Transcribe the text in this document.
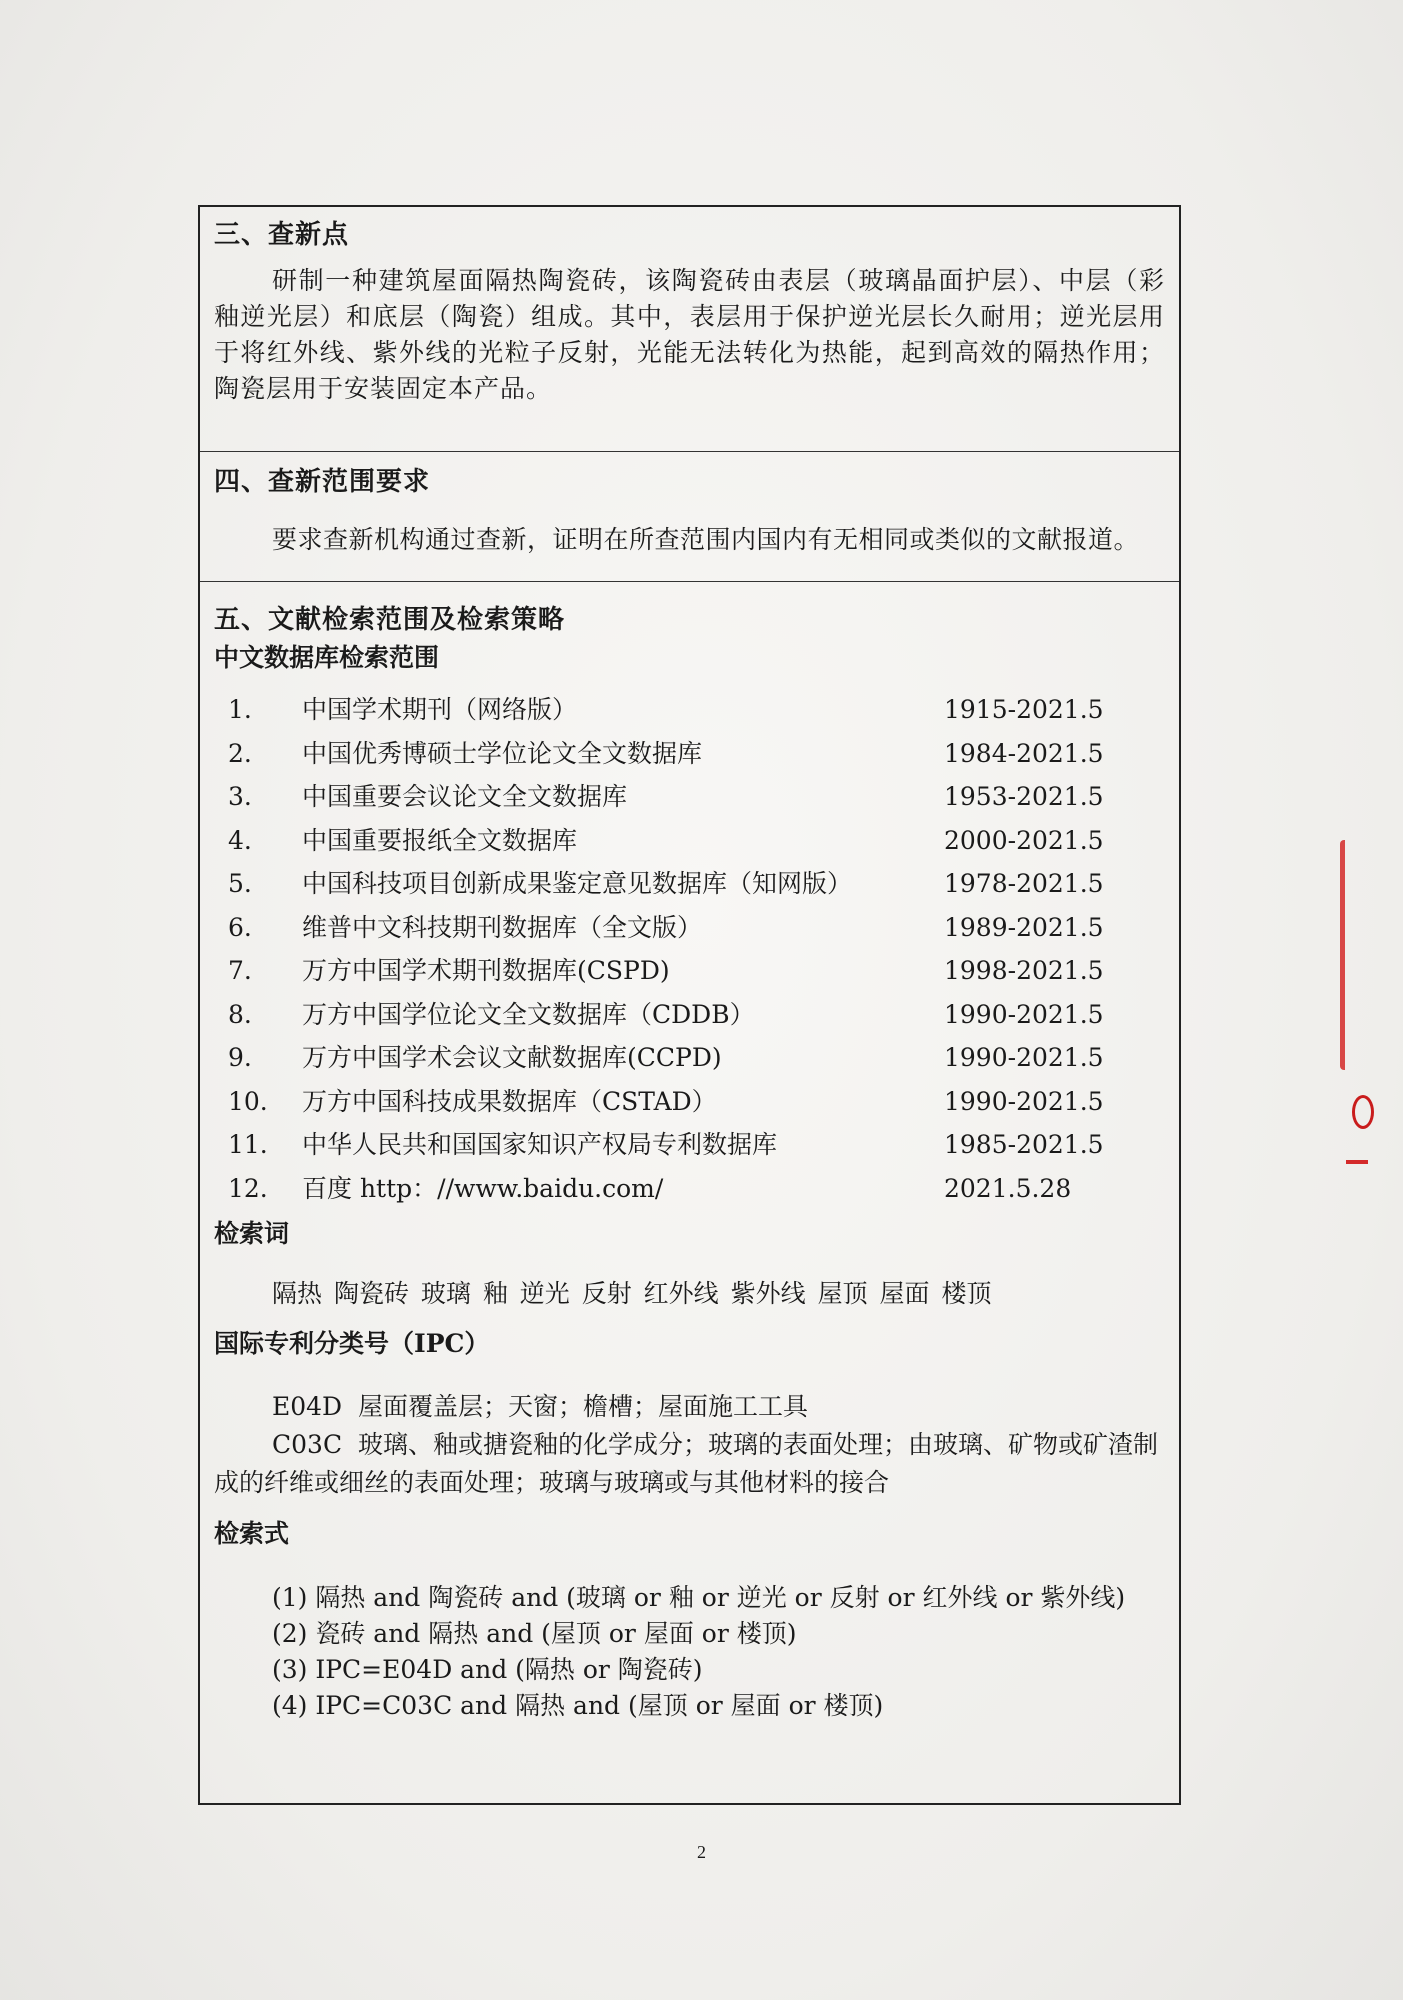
三、查新点
研制一种建筑屋面隔热陶瓷砖，该陶瓷砖由表层（玻璃晶面护层）、中层（彩釉逆光层）和底层（陶瓷）组成。其中，表层用于保护逆光层长久耐用；逆光层用于将红外线、紫外线的光粒子反射，光能无法转化为热能，起到高效的隔热作用；陶瓷层用于安装固定本产品。
四、查新范围要求
要求查新机构通过查新，证明在所查范围内国内有无相同或类似的文献报道。
五、文献检索范围及检索策略
中文数据库检索范围
1. 中国学术期刊（网络版）	1915-2021.5
2. 中国优秀博硕士学位论文全文数据库	1984-2021.5
3. 中国重要会议论文全文数据库	1953-2021.5
4. 中国重要报纸全文数据库	2000-2021.5
5. 中国科技项目创新成果鉴定意见数据库（知网版）	1978-2021.5
6. 维普中文科技期刊数据库（全文版）	1989-2021.5
7. 万方中国学术期刊数据库(CSPD)	1998-2021.5
8. 万方中国学位论文全文数据库（CDDB）	1990-2021.5
9. 万方中国学术会议文献数据库(CCPD)	1990-2021.5
10. 万方中国科技成果数据库（CSTAD）	1990-2021.5
11. 中华人民共和国国家知识产权局专利数据库	1985-2021.5
12. 百度 http：//www.baidu.com/	2021.5.28
检索词
隔热 陶瓷砖 玻璃 釉 逆光 反射 红外线 紫外线 屋顶 屋面 楼顶
国际专利分类号（IPC）
E04D 屋面覆盖层；天窗；檐槽；屋面施工工具
C03C 玻璃、釉或搪瓷釉的化学成分；玻璃的表面处理；由玻璃、矿物或矿渣制成的纤维或细丝的表面处理；玻璃与玻璃或与其他材料的接合
检索式
(1) 隔热 and 陶瓷砖 and (玻璃 or 釉 or 逆光 or 反射 or 红外线 or 紫外线)
(2) 瓷砖 and 隔热 and (屋顶 or 屋面 or 楼顶)
(3) IPC=E04D and (隔热 or 陶瓷砖)
(4) IPC=C03C and 隔热 and (屋顶 or 屋面 or 楼顶)
2
